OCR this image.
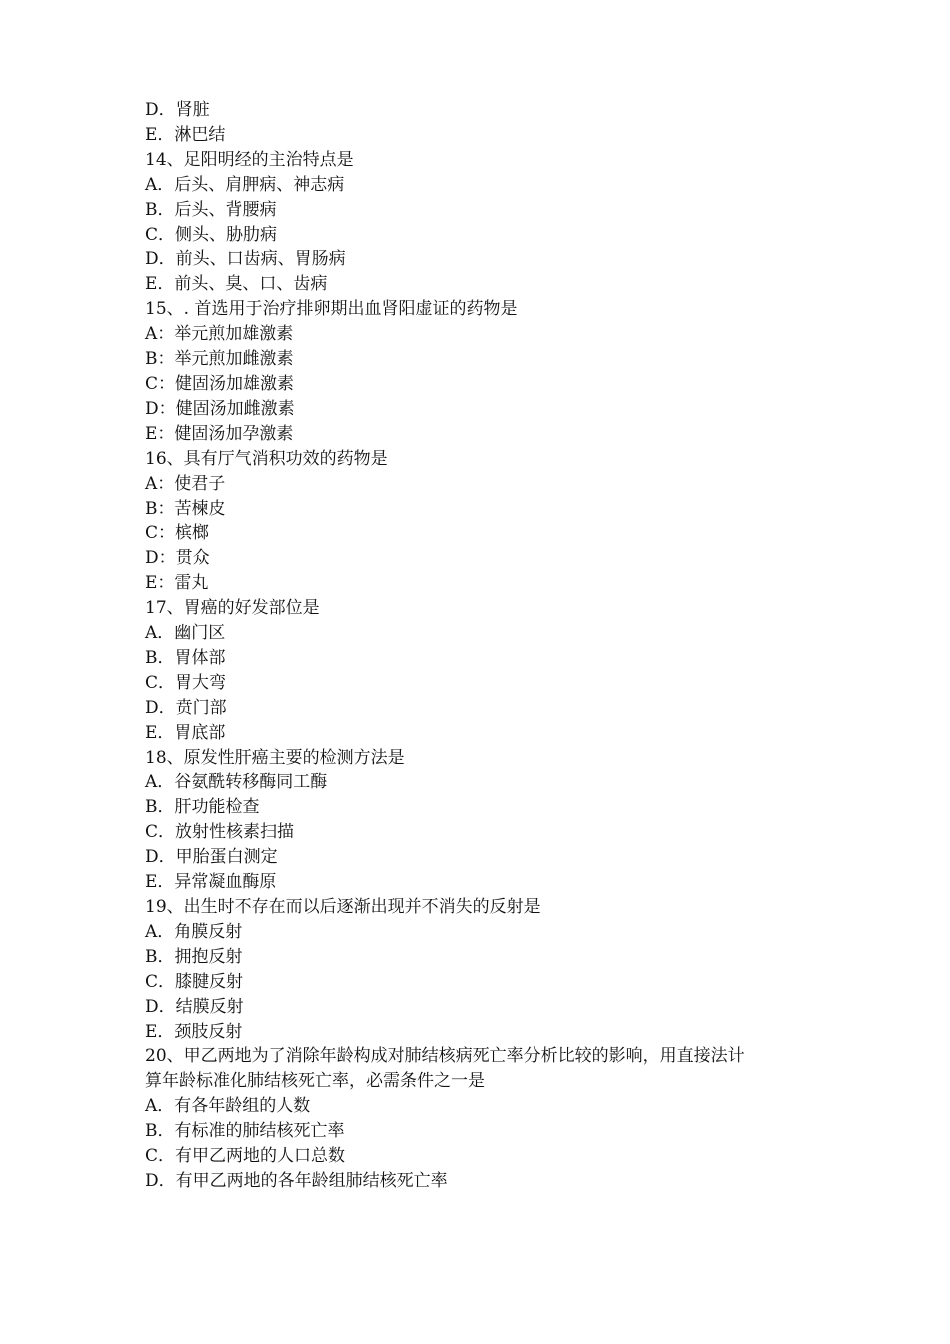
D．肾脏
E．淋巴结
14、足阳明经的主治特点是
A．后头、肩胛病、神志病
B．后头、背腰病
C．侧头、胁肋病
D．前头、口齿病、胃肠病
E．前头、臭、口、齿病
15、. 首选用于治疗排卵期出血肾阳虚证的药物是
A：举元煎加雄激素
B：举元煎加雌激素
C：健固汤加雄激素
D：健固汤加雌激素
E：健固汤加孕激素
16、具有厅气消积功效的药物是
A：使君子
B：苦楝皮
C：槟榔
D：贯众
E：雷丸
17、胃癌的好发部位是
A．幽门区
B．胃体部
C．胃大弯
D．贲门部
E．胃底部
18、原发性肝癌主要的检测方法是
A．谷氨酰转移酶同工酶
B．肝功能检查
C．放射性核素扫描
D．甲胎蛋白测定
E．异常凝血酶原
19、出生时不存在而以后逐渐出现并不消失的反射是
A．角膜反射
B．拥抱反射
C．膝腱反射
D．结膜反射
E．颈肢反射
20、甲乙两地为了消除年龄构成对肺结核病死亡率分析比较的影响，用直接法计
算年龄标准化肺结核死亡率，必需条件之一是
A．有各年龄组的人数
B．有标准的肺结核死亡率
C．有甲乙两地的人口总数
D．有甲乙两地的各年龄组肺结核死亡率
